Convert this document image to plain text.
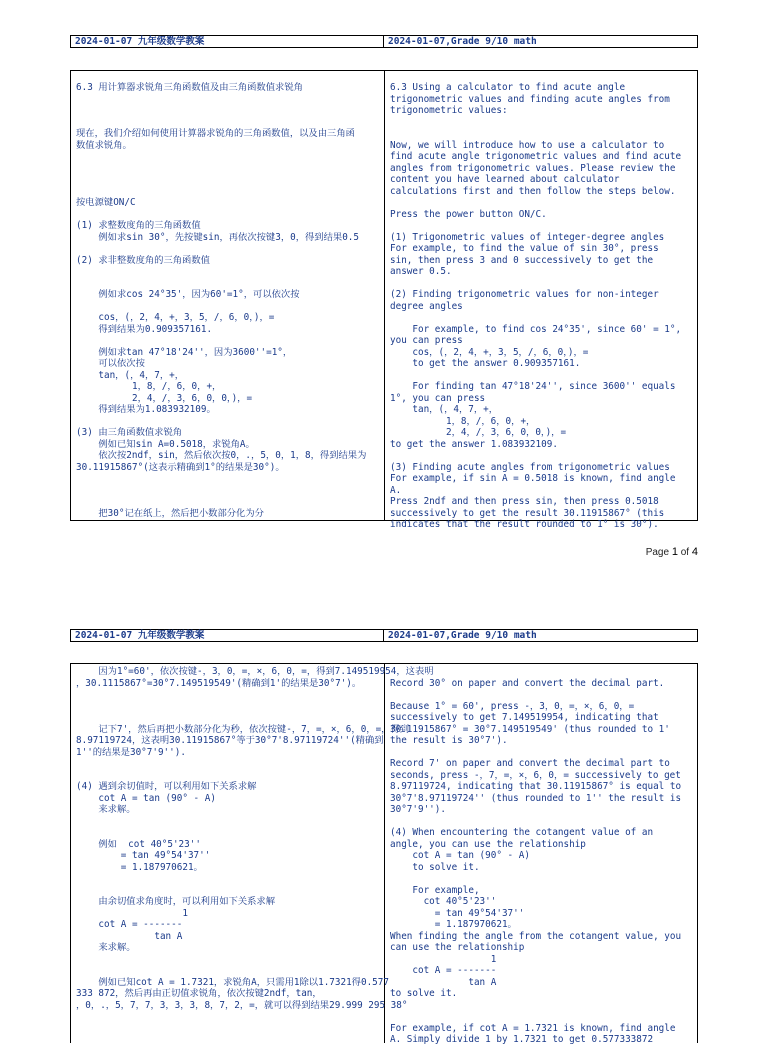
2024-01-07 九年级数学教案	2024-01-07,Grade 9/10 math
6.3 用计算器求锐角三角函数值及由三角函数值求锐角
现在，我们介绍如何使用计算器求锐角的三角函数值，以及由三角函
数值求锐角。
按电源键ON/C
(1) 求整数度角的三角函数值
例如求sin 30°，先按键sin，再依次按键3，0，得到结果0.5
(2) 求非整数度角的三角函数值
例如求cos 24°35'，因为60'=1°，可以依次按
cos，(，2，4，+，3，5，/，6，0，)，=
得到结果为0.909357161.
例如求tan 47°18'24''，因为3600''=1°，
可以依次按
tan，(，4，7，+，
1，8，/，6，0，+，
2，4，/，3，6，0，0，)，=
得到结果为1.083932109。
(3) 由三角函数值求锐角
例如已知sin A=0.5018，求锐角A。
依次按2ndf，sin，然后依次按0，.，5，0，1，8，得到结果为
30.11915867°(这表示精确到1°的结果是30°)。
把30°记在纸上，然后把小数部分化为分
6.3 Using a calculator to find acute angle
trigonometric values and finding acute angles from
trigonometric values:
Now, we will introduce how to use a calculator to
find acute angle trigonometric values and find acute
angles from trigonometric values. Please review the
content you have learned about calculator
calculations first and then follow the steps below.
Press the power button ON/C.
(1) Trigonometric values of integer-degree angles
For example, to find the value of sin 30°, press
sin, then press 3 and 0 successively to get the
answer 0.5.
(2) Finding trigonometric values for non-integer
degree angles
For example, to find cos 24°35', since 60' = 1°,
you can press
cos，(，2，4，+，3，5，/，6，0，)，=
to get the answer 0.909357161.
For finding tan 47°18'24'', since 3600'' equals
1°, you can press
tan，(，4，7，+，
1，8，/，6，0，+，
2，4，/，3，6，0，0，)，=
to get the answer 1.083932109.
(3) Finding acute angles from trigonometric values
For example, if sin A = 0.5018 is known, find angle
A.
Press 2ndf and then press sin, then press 0.5018
successively to get the result 30.11915867° (this
indicates that the result rounded to 1° is 30°).
Page 1 of 4
2024-01-07 九年级数学教案	2024-01-07,Grade 9/10 math
因为1°=60'，依次按键-，3，0，=，×，6，0，=，得到7.149519954，这表明
，30.1115867°=30°7.149519549'(精确到1'的结果是30°7')。
记下7'，然后再把小数部分化为秒，依次按键-，7，=，×，6，0，=，得到
8.97119724，这表明30.11915867°等于30°7'8.97119724''(精确到
1''的结果是30°7'9'').
(4) 遇到余切值时，可以利用如下关系求解
cot A = tan (90° - A)
来求解。
例如  cot 40°5'23''
= tan 49°54'37''
= 1.187970621。
由余切值求角度时，可以利用如下关系求解
1
cot A = -------
tan A
来求解。
例如已知cot A = 1.7321，求锐角A，只需用1除以1.7321得0.577
333 872，然后再由正切值求锐角，依次按键2ndf，tan，
，0，.，5，7，7，3，3，3，8，7，2，=，就可以得到结果29.999 295 38°
Record 30° on paper and convert the decimal part.
Because 1° = 60', press -，3，0，=，×，6，0，=
successively to get 7.149519954, indicating that
30.11915867° = 30°7.149519549' (thus rounded to 1'
the result is 30°7').
Record 7' on paper and convert the decimal part to
seconds, press -，7，=，×，6，0，= successively to get
8.97119724, indicating that 30.11915867° is equal to
30°7'8.97119724'' (thus rounded to 1'' the result is
30°7'9'').
(4) When encountering the cotangent value of an
angle, you can use the relationship
cot A = tan (90° - A)
to solve it.
For example,
cot 40°5'23''
= tan 49°54'37''
= 1.187970621。
When finding the angle from the cotangent value, you
can use the relationship
1
cot A = -------
tan A
to solve it.
For example, if cot A = 1.7321 is known, find angle
A. Simply divide 1 by 1.7321 to get 0.577333872
